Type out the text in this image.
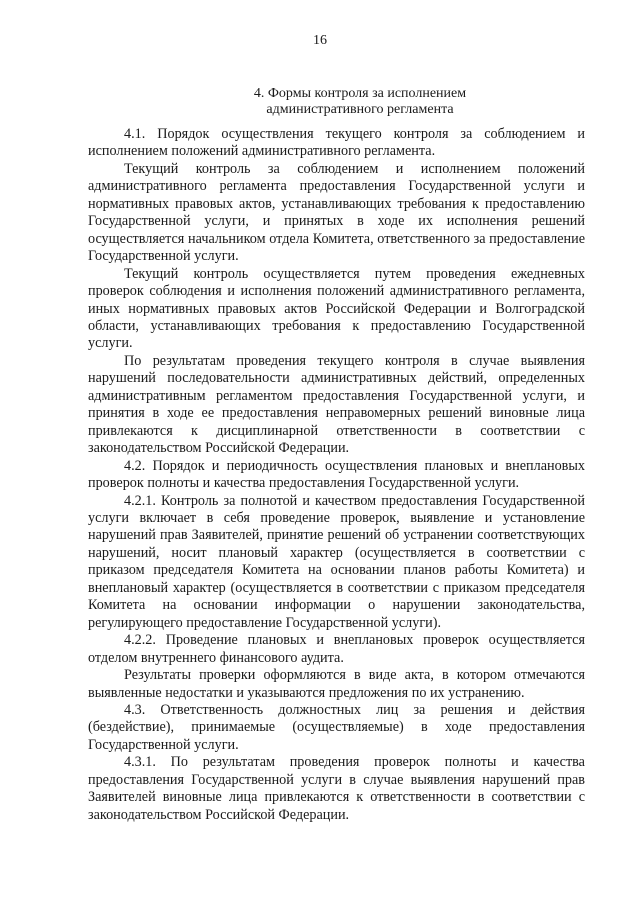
16
4. Формы контроля за исполнением
административного регламента

4.1. Порядок осуществления текущего контроля за соблюдением и исполнением положений административного регламента.

Текущий контроль за соблюдением и исполнением положений административного регламента предоставления Государственной услуги и нормативных правовых актов, устанавливающих требования к предоставлению Государственной услуги, и принятых в ходе их исполнения решений осуществляется начальником отдела Комитета, ответственного за предоставление Государственной услуги.

Текущий контроль осуществляется путем проведения ежедневных проверок соблюдения и исполнения положений административного регламента, иных нормативных правовых актов Российской Федерации и Волгоградской области, устанавливающих требования к предоставлению Государственной услуги.

По результатам проведения текущего контроля в случае выявления нарушений последовательности административных действий, определенных административным регламентом предоставления Государственной услуги, и принятия в ходе ее предоставления неправомерных решений виновные лица привлекаются к дисциплинарной ответственности в соответствии с законодательством Российской Федерации.

4.2. Порядок и периодичность осуществления плановых и внеплановых проверок полноты и качества предоставления Государственной услуги.

4.2.1. Контроль за полнотой и качеством предоставления Государственной услуги включает в себя проведение проверок, выявление и установление нарушений прав Заявителей, принятие решений об устранении соответствующих нарушений, носит плановый характер (осуществляется в соответствии с приказом председателя Комитета на основании планов работы Комитета) и внеплановый характер (осуществляется в соответствии с приказом председателя Комитета на основании информации о нарушении законодательства, регулирующего предоставление Государственной услуги).

4.2.2. Проведение плановых и внеплановых проверок осуществляется отделом внутреннего финансового аудита.

Результаты проверки оформляются в виде акта, в котором отмечаются выявленные недостатки и указываются предложения по их устранению.

4.3. Ответственность должностных лиц за решения и действия (бездействие), принимаемые (осуществляемые) в ходе предоставления Государственной услуги.

4.3.1. По результатам проведения проверок полноты и качества предоставления Государственной услуги в случае выявления нарушений прав Заявителей виновные лица привлекаются к ответственности в соответствии с законодательством Российской Федерации.
